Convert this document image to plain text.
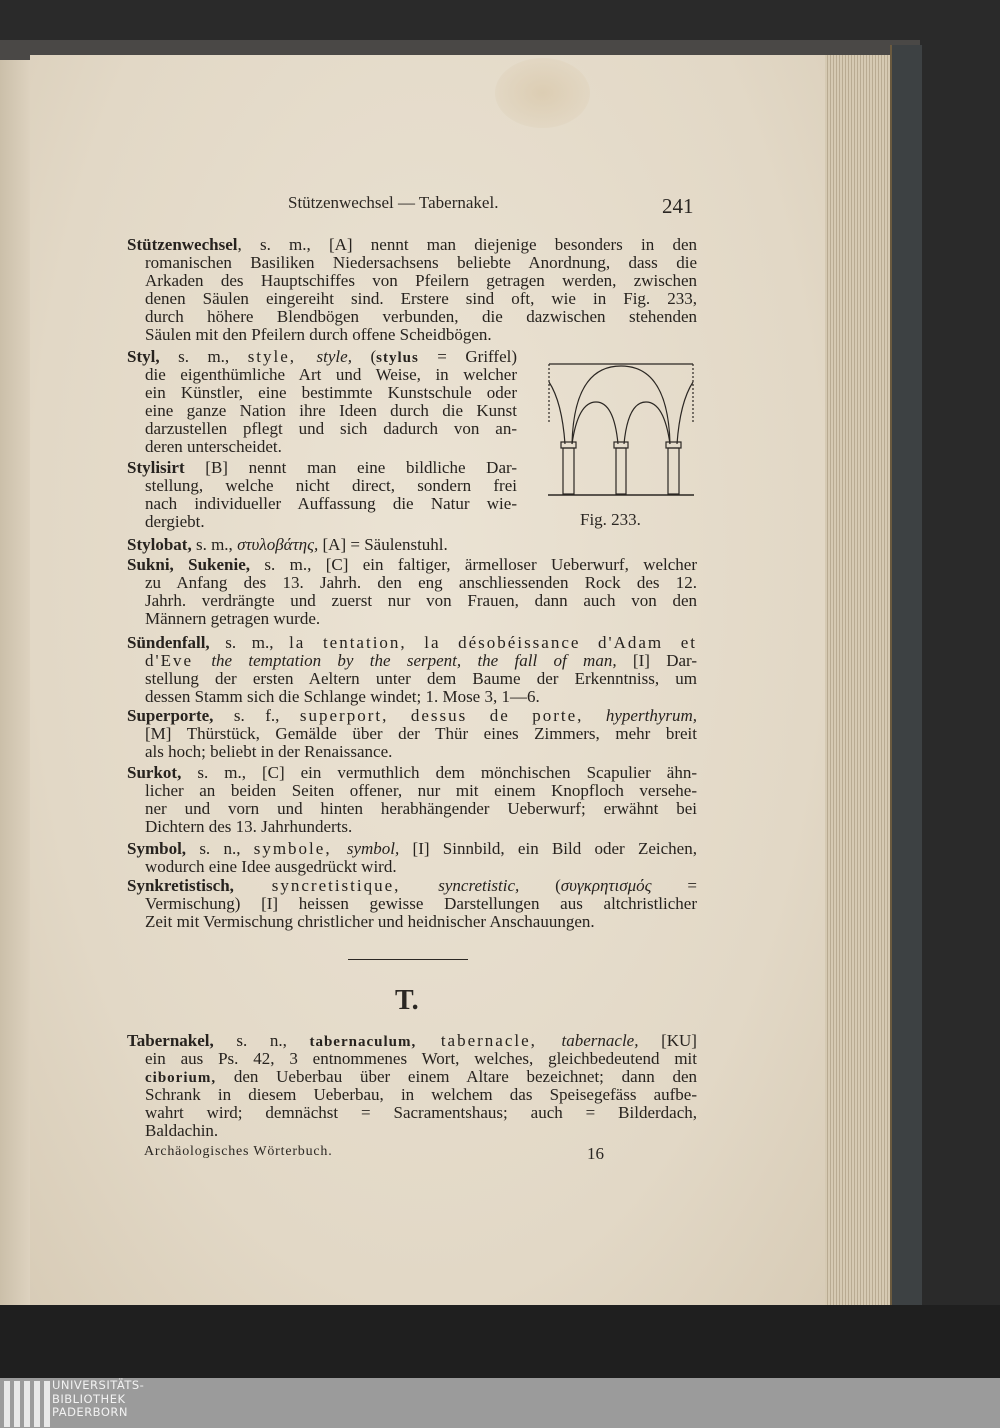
Stützenwechsel — Tabernakel.	241
Stützenwechsel, s. m., [A] nennt man diejenige besonders in den
romanischen Basiliken Niedersachsens beliebte Anordnung, dass die
Arkaden des Hauptschiffes von Pfeilern getragen werden, zwischen
denen Säulen eingereiht sind. Erstere sind oft, wie in Fig. 233,
durch höhere Blendbögen verbunden, die dazwischen stehenden
Säulen mit den Pfeilern durch offene Scheidbögen.
Styl, s. m., style, style, (stylus = Griffel)
die eigenthümliche Art und Weise, in welcher
ein Künstler, eine bestimmte Kunstschule oder
eine ganze Nation ihre Ideen durch die Kunst
darzustellen pflegt und sich dadurch von an-
deren unterscheidet.
Stylisirt [B] nennt man eine bildliche Dar-
stellung, welche nicht direct, sondern frei
nach individueller Auffassung die Natur wie-
dergiebt.
Stylobat, s. m., στυλοβάτης, [A] = Säulenstuhl.
Sukni, Sukenie, s. m., [C] ein faltiger, ärmelloser Ueberwurf, welcher
zu Anfang des 13. Jahrh. den eng anschliessenden Rock des 12.
Jahrh. verdrängte und zuerst nur von Frauen, dann auch von den
Männern getragen wurde.
Sündenfall, s. m., la tentation, la désobéissance d'Adam et
d'Eve the temptation by the serpent, the fall of man, [I] Dar-
stellung der ersten Aeltern unter dem Baume der Erkenntniss, um
dessen Stamm sich die Schlange windet; 1. Mose 3, 1—6.
Superporte, s. f., superport, dessus de porte, hyperthyrum,
[M] Thürstück, Gemälde über der Thür eines Zimmers, mehr breit
als hoch; beliebt in der Renaissance.
Surkot, s. m., [C] ein vermuthlich dem mönchischen Scapulier ähn-
licher an beiden Seiten offener, nur mit einem Knopfloch versehe-
ner und vorn und hinten herabhängender Ueberwurf; erwähnt bei
Dichtern des 13. Jahrhunderts.
Symbol, s. n., symbole, symbol, [I] Sinnbild, ein Bild oder Zeichen,
wodurch eine Idee ausgedrückt wird.
Synkretistisch, syncretistique, syncretistic, (συγκρητισμός =
Vermischung) [I] heissen gewisse Darstellungen aus altchristlicher
Zeit mit Vermischung christlicher und heidnischer Anschauungen.
Tabernakel, s. n., tabernaculum, tabernacle, tabernacle, [KU]
ein aus Ps. 42, 3 entnommenes Wort, welches, gleichbedeutend mit
ciborium, den Ueberbau über einem Altare bezeichnet; dann den
Schrank in diesem Ueberbau, in welchem das Speisegefäss aufbe-
wahrt wird; demnächst = Sacramentshaus; auch = Bilderdach,
Baldachin.
Fig. 233.
T.
Archäologisches Wörterbuch.	16
UNIVERSITÄTS-
BIBLIOTHEK
PADERBORN
